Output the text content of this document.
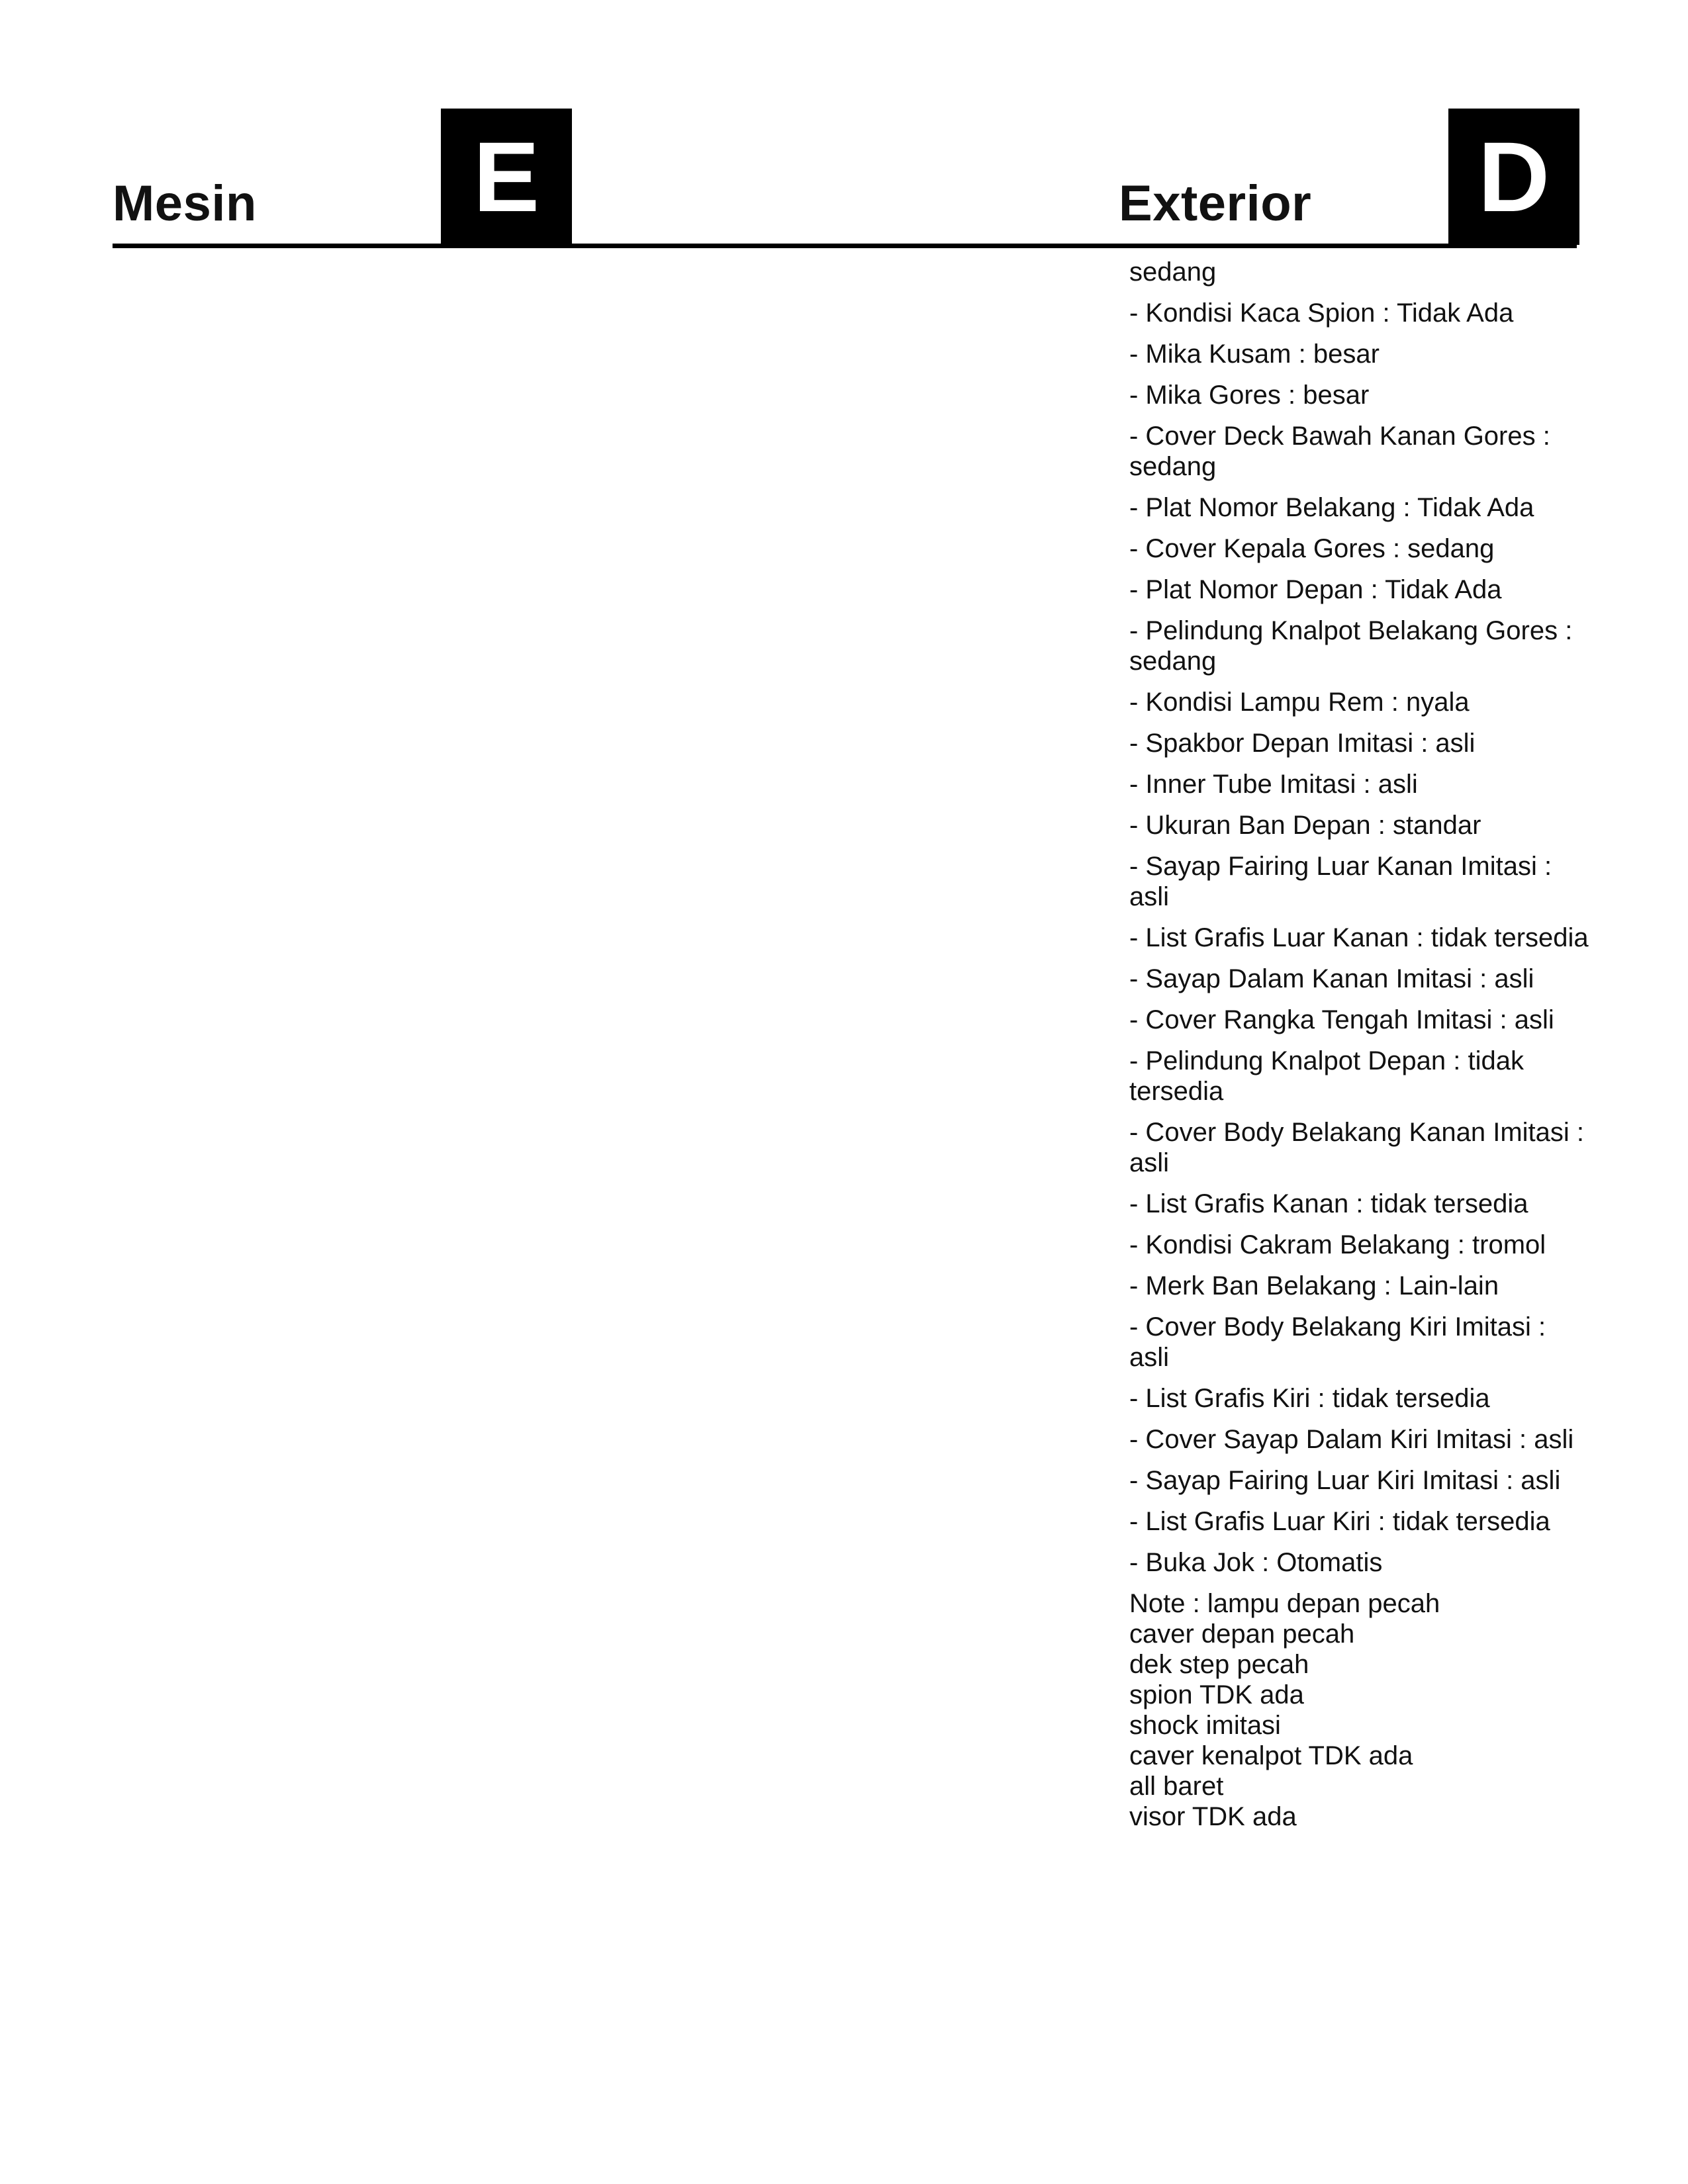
Mesin	E	Exterior D
sedang
- Kondisi Kaca Spion : Tidak Ada
- Mika Kusam : besar
- Mika Gores : besar
- Cover Deck Bawah Kanan Gores : sedang
- Plat Nomor Belakang : Tidak Ada
- Cover Kepala Gores : sedang
- Plat Nomor Depan : Tidak Ada
- Pelindung Knalpot Belakang Gores : sedang
- Kondisi Lampu Rem : nyala
- Spakbor Depan Imitasi : asli
- Inner Tube Imitasi : asli
- Ukuran Ban Depan : standar
- Sayap Fairing Luar Kanan Imitasi : asli
- List Grafis Luar Kanan : tidak tersedia
- Sayap Dalam Kanan Imitasi : asli
- Cover Rangka Tengah Imitasi : asli
- Pelindung Knalpot Depan : tidak tersedia
- Cover Body Belakang Kanan Imitasi : asli
- List Grafis Kanan : tidak tersedia
- Kondisi Cakram Belakang : tromol
- Merk Ban Belakang : Lain-lain
- Cover Body Belakang Kiri Imitasi : asli
- List Grafis Kiri : tidak tersedia
- Cover Sayap Dalam Kiri Imitasi : asli
- Sayap Fairing Luar Kiri Imitasi : asli
- List Grafis Luar Kiri : tidak tersedia
- Buka Jok : Otomatis
Note : lampu depan pecah
caver depan pecah
dek step pecah
spion TDK ada
shock imitasi
caver kenalpot TDK ada
all baret
visor TDK ada
